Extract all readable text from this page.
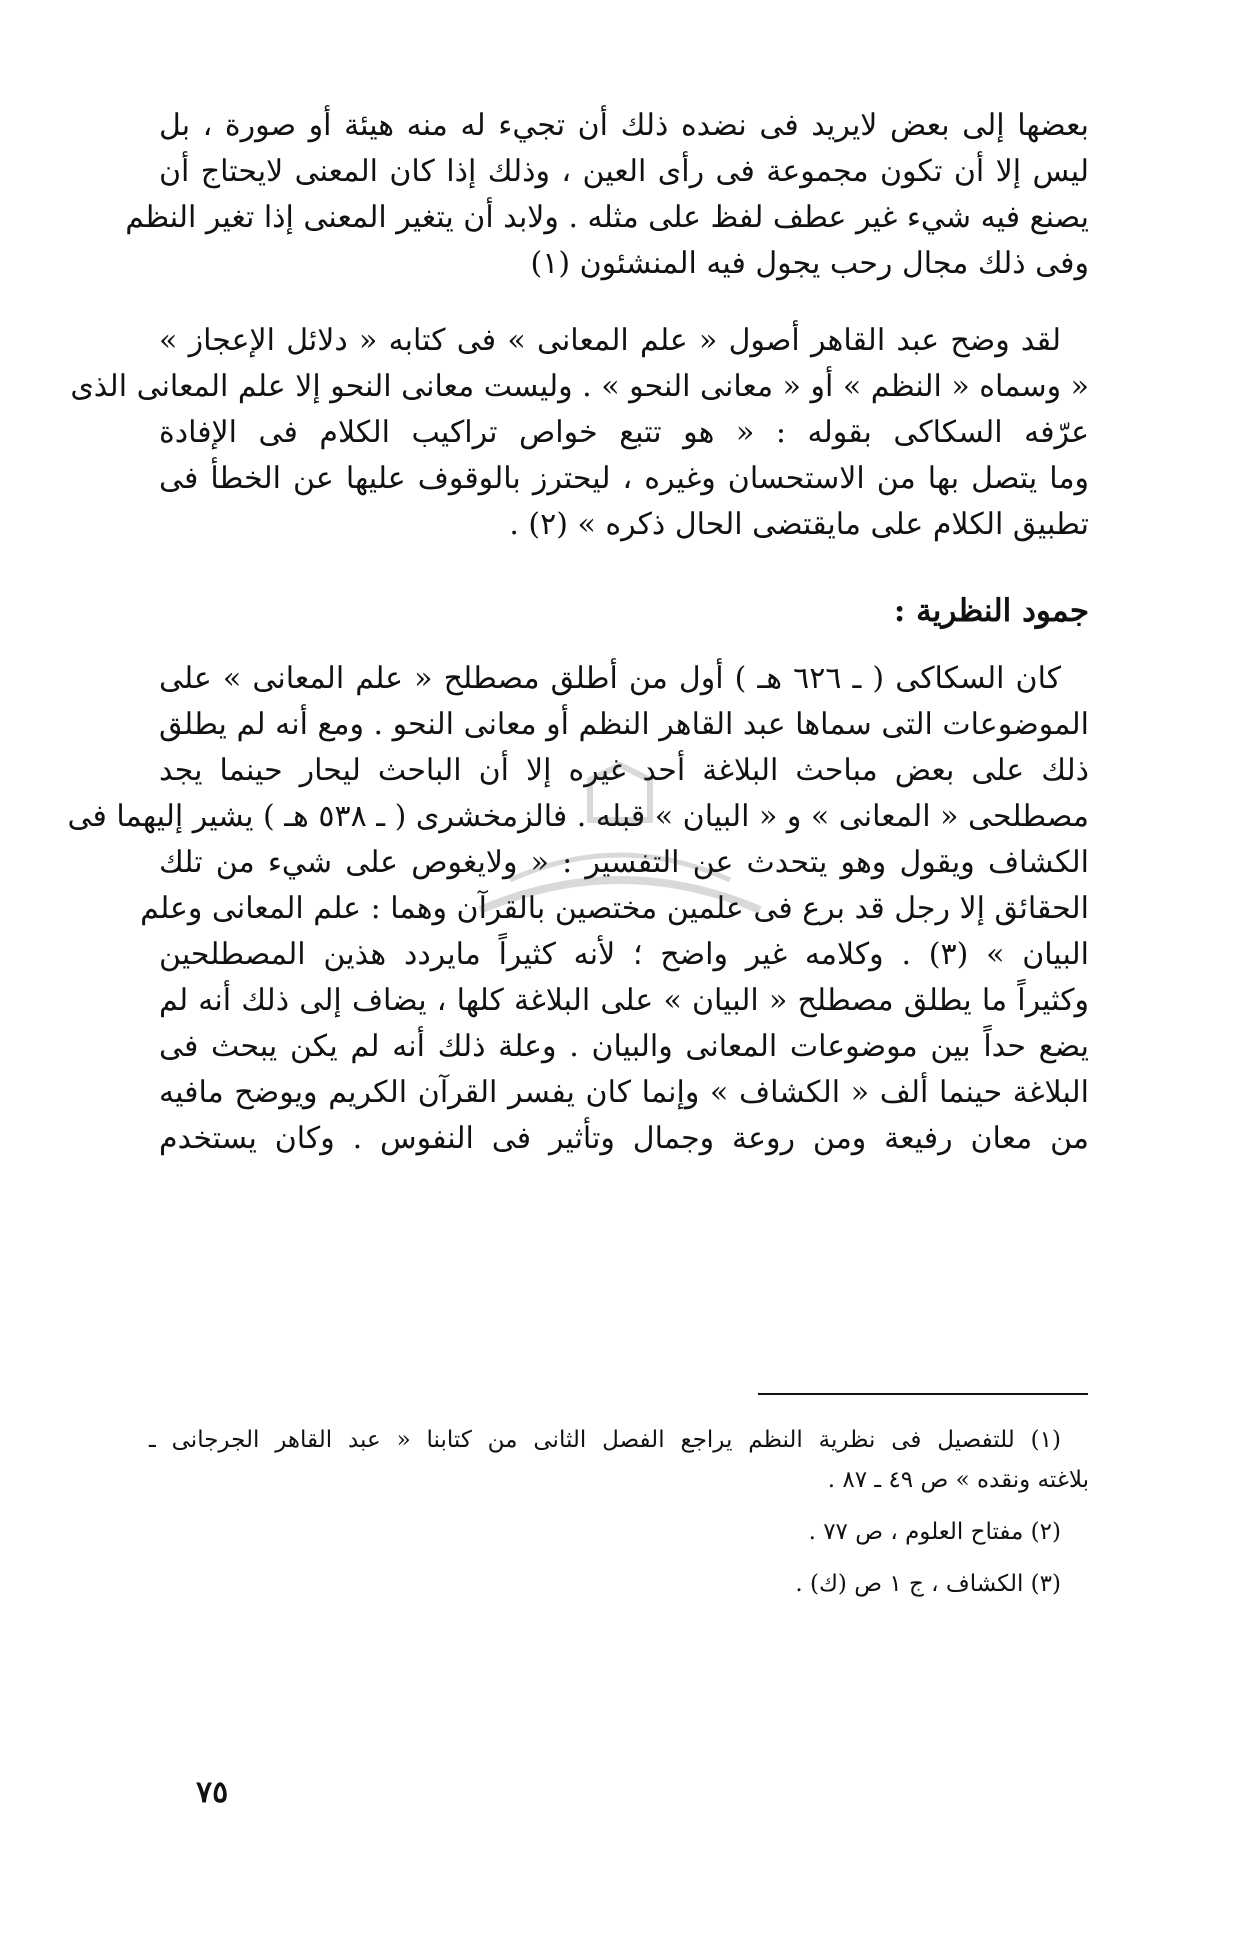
بعضها إلى بعض لايريد فى نضده ذلك أن تجيء له منه هيئة أو صورة ، بل
ليس إلا أن تكون مجموعة فى رأى العين ، وذلك إذا كان المعنى لايحتاج أن
يصنع فيه شيء غير عطف لفظ على مثله . ولابد أن يتغير المعنى إذا تغير النظم
وفى ذلك مجال رحب يجول فيه المنشئون (١)
لقد وضح عبد القاهر أصول « علم المعانى » فى كتابه « دلائل الإعجاز »
« وسماه « النظم » أو « معانى النحو » . وليست معانى النحو إلا علم المعانى الذى
عرّفه السكاكى بقوله : « هو تتبع خواص تراكيب الكلام فى الإفادة
وما يتصل بها من الاستحسان وغيره ، ليحترز بالوقوف عليها عن الخطأ فى
تطبيق الكلام على مايقتضى الحال ذكره » (٢) .
جمود النظرية :
كان السكاكى ( ـ ٦٢٦ هـ ) أول من أطلق مصطلح « علم المعانى » على
الموضوعات التى سماها عبد القاهر النظم أو معانى النحو . ومع أنه لم يطلق
ذلك على بعض مباحث البلاغة أحد غيره إلا أن الباحث ليحار حينما يجد
مصطلحى « المعانى » و « البيان » قبله . فالزمخشرى ( ـ ٥٣٨ هـ ) يشير إليهما فى
الكشاف ويقول وهو يتحدث عن التفسير : « ولايغوص على شيء من تلك
الحقائق إلا رجل قد برع فى علمين مختصين بالقرآن وهما : علم المعانى وعلم
البيان » (٣) . وكلامه غير واضح ؛ لأنه كثيراً مايردد هذين المصطلحين
وكثيراً ما يطلق مصطلح « البيان » على البلاغة كلها ، يضاف إلى ذلك أنه لم
يضع حداً بين موضوعات المعانى والبيان . وعلة ذلك أنه لم يكن يبحث فى
البلاغة حينما ألف « الكشاف » وإنما كان يفسر القرآن الكريم ويوضح مافيه
من معان رفيعة ومن روعة وجمال وتأثير فى النفوس . وكان يستخدم
(١) للتفصيل فى نظرية النظم يراجع الفصل الثانى من كتابنا « عبد القاهر الجرجانى ـ
بلاغته ونقده » ص ٤٩ ـ ٨٧ .
(٢) مفتاح العلوم ، ص ٧٧ .
(٣) الكشاف ، ج ١ ص (ك) .
٧٥
